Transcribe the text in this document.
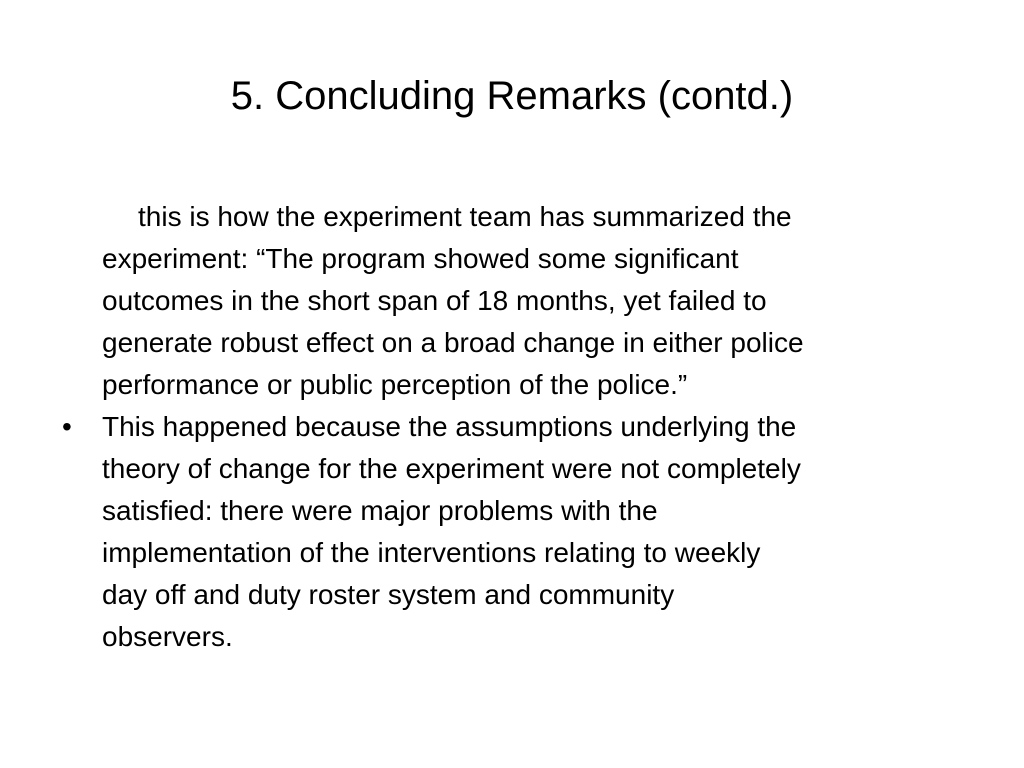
5. Concluding Remarks (contd.)
this is how the experiment team has summarized the
experiment: “The program showed some significant
outcomes in the short span of 18 months, yet failed to
generate robust effect on a broad change in either police
performance or public perception of the police.”
•	This happened because the assumptions underlying the
theory of change for the experiment were not completely
satisfied: there were major problems with the
implementation of the interventions relating to weekly
day off and duty roster system and community
observers.
